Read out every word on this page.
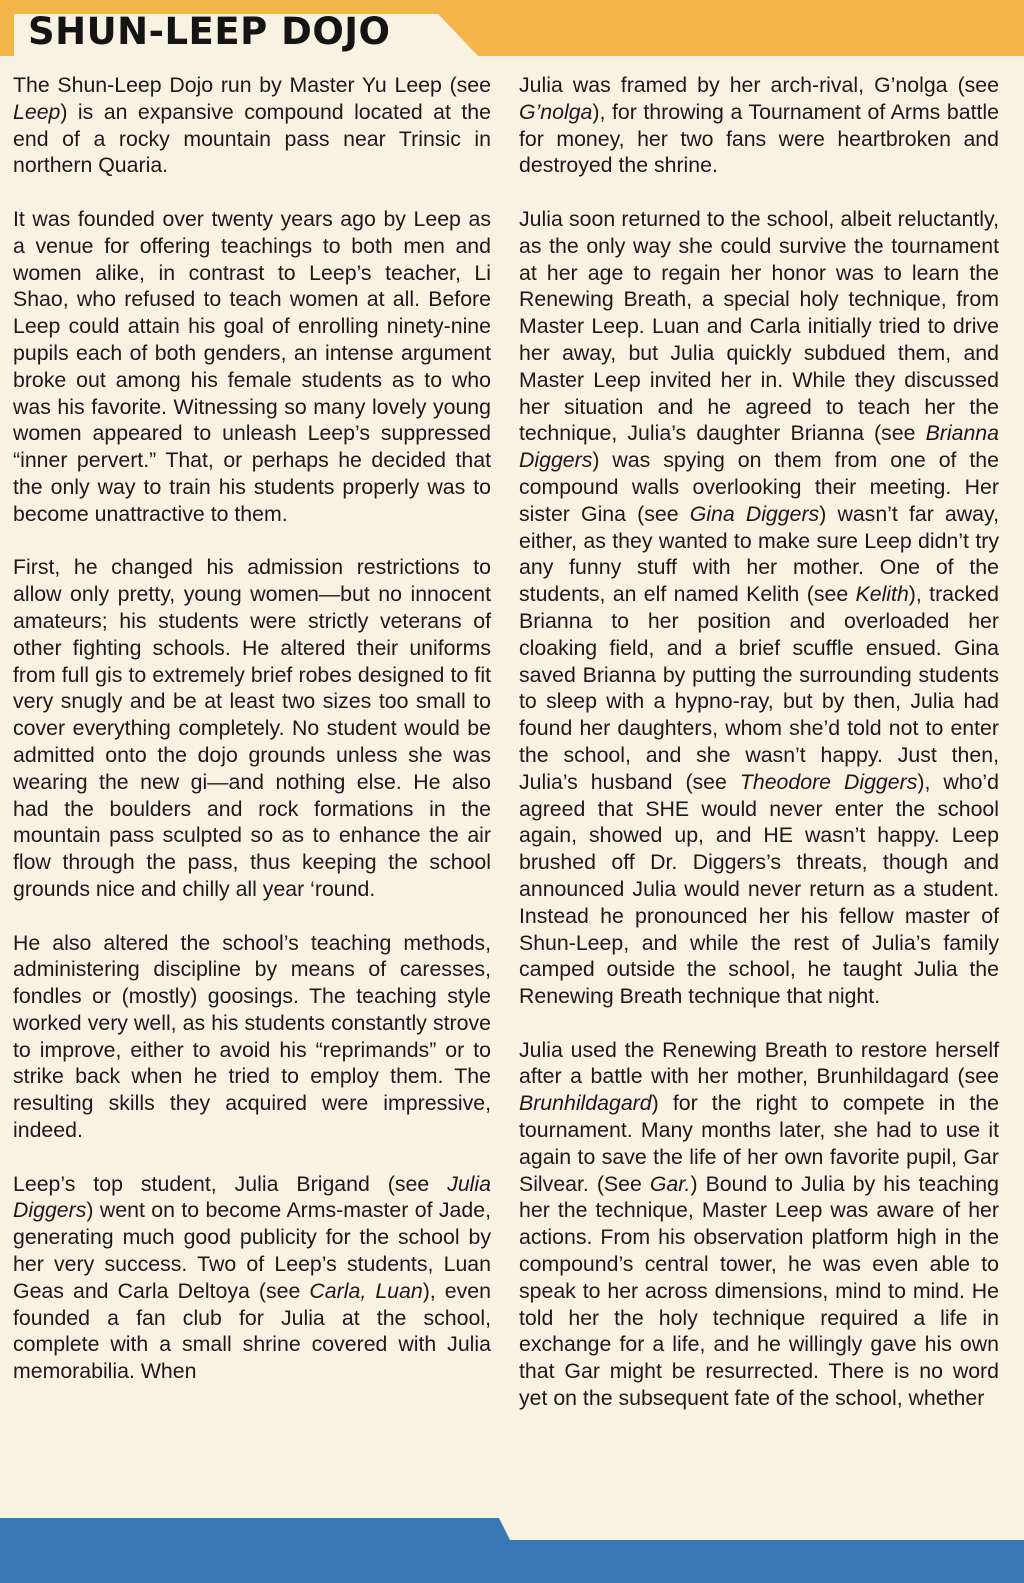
SHUN-LEEP DOJO

The Shun-Leep Dojo run by Master Yu Leep (see Leep) is an expansive compound located at the end of a rocky mountain pass near Trinsic in northern Quaria.

It was founded over twenty years ago by Leep as a venue for offering teachings to both men and women alike, in contrast to Leep’s teacher, Li Shao, who refused to teach women at all. Before Leep could attain his goal of enrolling ninety-nine pupils each of both genders, an intense argument broke out among his female students as to who was his favorite. Witnessing so many lovely young women appeared to unleash Leep’s suppressed “inner pervert.” That, or perhaps he decided that the only way to train his students properly was to become unattractive to them.

First, he changed his admission restrictions to allow only pretty, young women—but no innocent amateurs; his students were strictly veterans of other fighting schools. He altered their uniforms from full gis to extremely brief robes designed to fit very snugly and be at least two sizes too small to cover everything completely. No student would be admitted onto the dojo grounds unless she was wearing the new gi—and nothing else. He also had the boulders and rock formations in the mountain pass sculpted so as to enhance the air flow through the pass, thus keeping the school grounds nice and chilly all year ‘round.

He also altered the school’s teaching methods, administering discipline by means of caresses, fondles or (mostly) goosings. The teaching style worked very well, as his students constantly strove to improve, either to avoid his “reprimands” or to strike back when he tried to employ them. The resulting skills they acquired were impressive, indeed.

Leep’s top student, Julia Brigand (see Julia Diggers) went on to become Arms-master of Jade, generating much good publicity for the school by her very success. Two of Leep’s students, Luan Geas and Carla Deltoya (see Carla, Luan), even founded a fan club for Julia at the school, complete with a small shrine covered with Julia memorabilia. When

Julia was framed by her arch-rival, G’nolga (see G’nolga), for throwing a Tournament of Arms battle for money, her two fans were heartbroken and destroyed the shrine.

Julia soon returned to the school, albeit reluctantly, as the only way she could survive the tournament at her age to regain her honor was to learn the Renewing Breath, a special holy technique, from Master Leep. Luan and Carla initially tried to drive her away, but Julia quickly subdued them, and Master Leep invited her in. While they discussed her situation and he agreed to teach her the technique, Julia’s daughter Brianna (see Brianna Diggers) was spying on them from one of the compound walls overlooking their meeting. Her sister Gina (see Gina Diggers) wasn’t far away, either, as they wanted to make sure Leep didn’t try any funny stuff with her mother. One of the students, an elf named Kelith (see Kelith), tracked Brianna to her position and overloaded her cloaking field, and a brief scuffle ensued. Gina saved Brianna by putting the surrounding students to sleep with a hypno-ray, but by then, Julia had found her daughters, whom she’d told not to enter the school, and she wasn’t happy. Just then, Julia’s husband (see Theodore Diggers), who’d agreed that SHE would never enter the school again, showed up, and HE wasn’t happy. Leep brushed off Dr. Diggers’s threats, though and announced Julia would never return as a student. Instead he pronounced her his fellow master of Shun-Leep, and while the rest of Julia’s family camped outside the school, he taught Julia the Renewing Breath technique that night.

Julia used the Renewing Breath to restore herself after a battle with her mother, Brunhildagard (see Brunhildagard) for the right to compete in the tournament. Many months later, she had to use it again to save the life of her own favorite pupil, Gar Silvear. (See Gar.) Bound to Julia by his teaching her the technique, Master Leep was aware of her actions. From his observation platform high in the compound’s central tower, he was even able to speak to her across dimensions, mind to mind. He told her the holy technique required a life in exchange for a life, and he willingly gave his own that Gar might be resurrected. There is no word yet on the subsequent fate of the school, whether
